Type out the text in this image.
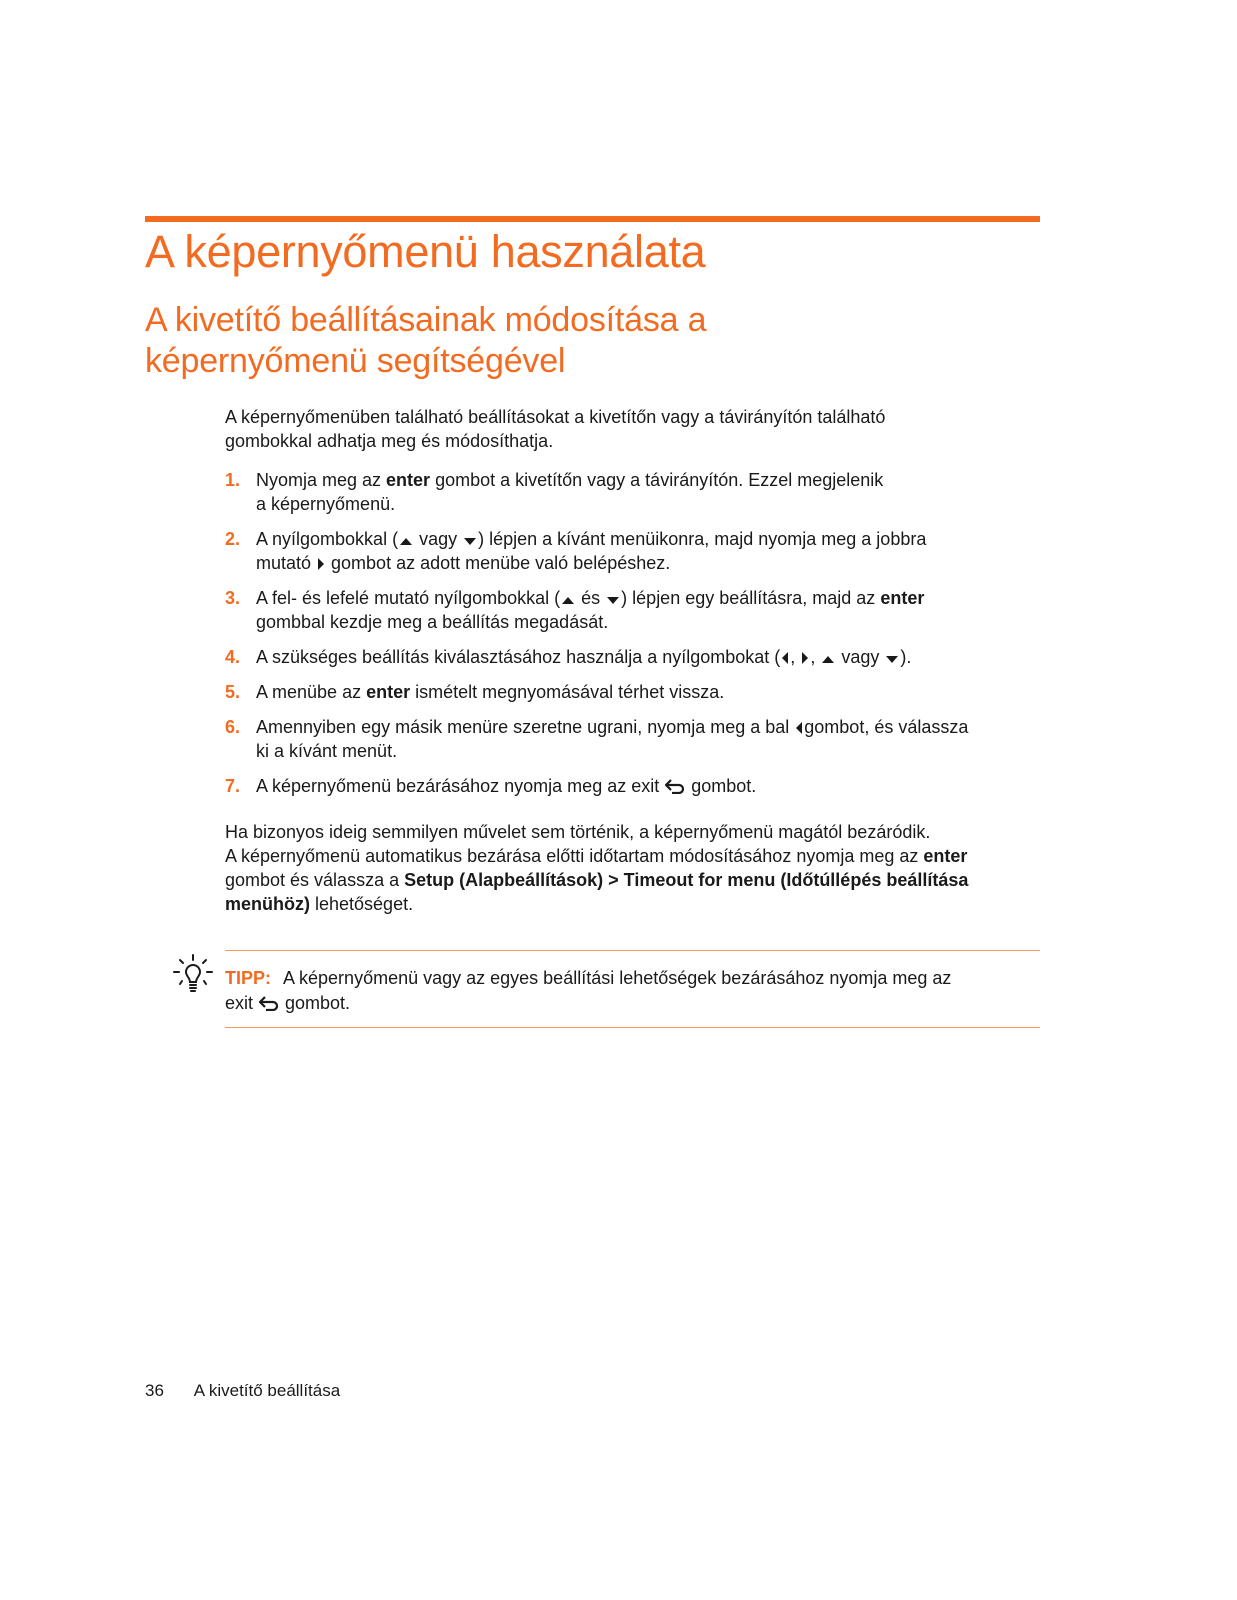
A képernyőmenü használata
A kivetítő beállításainak módosítása a
képernyőmenü segítségével
A képernyőmenüben található beállításokat a kivetítőn vagy a távirányítón található
gombokkal adhatja meg és módosíthatja.
1. Nyomja meg az enter gombot a kivetítőn vagy a távirányítón. Ezzel megjelenik
a képernyőmenü.
2. A nyílgombokkal ( vagy ) lépjen a kívánt menüikonra, majd nyomja meg a jobbra
mutató  gombot az adott menübe való belépéshez.
3. A fel- és lefelé mutató nyílgombokkal ( és ) lépjen egy beállításra, majd az enter
gombbal kezdje meg a beállítás megadását.
4. A szükséges beállítás kiválasztásához használja a nyílgombokat ( , ,  vagy ).
5. A menübe az enter ismételt megnyomásával térhet vissza.
6. Amennyiben egy másik menüre szeretne ugrani, nyomja meg a bal gombot, és válassza
ki a kívánt menüt.
7. A képernyőmenü bezárásához nyomja meg az exit  gombot.
Ha bizonyos ideig semmilyen művelet sem történik, a képernyőmenü magától bezáródik.
A képernyőmenü automatikus bezárása előtti időtartam módosításához nyomja meg az enter
gombot és válassza a Setup (Alapbeállítások) > Timeout for menu (Időtúllépés beállítása
menühöz) lehetőséget.
TIPP: A képernyőmenü vagy az egyes beállítási lehetőségek bezárásához nyomja meg az
exit  gombot.
36 A kivetítő beállítása
